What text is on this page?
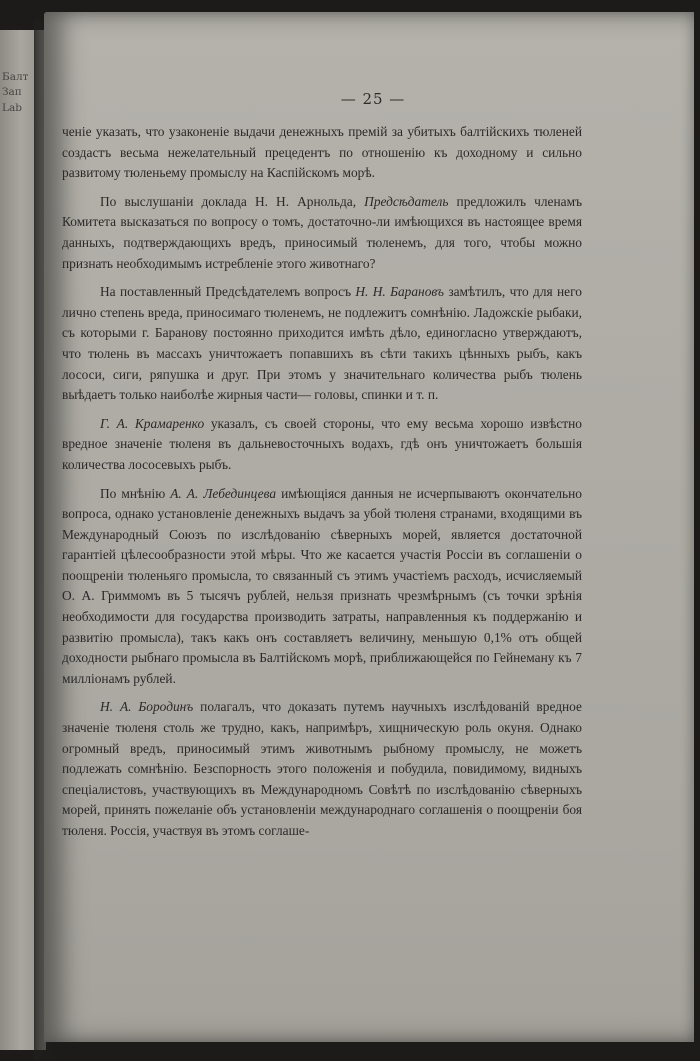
Балт
Зап
Lab	— 25 —

ченіе указать, что узаконеніе выдачи денежныхъ премій за убитыхъ балтійскихъ тюленей создастъ весьма нежелательный прецедентъ по отношенію къ доходному и сильно развитому тюленьему промыслу на Каспійскомъ морѣ.

По выслушаніи доклада Н. Н. Арнольда, Предсѣдатель предложилъ членамъ Комитета высказаться по вопросу о томъ, достаточно-ли имѣющихся въ настоящее время данныхъ, подтверждающихъ вредъ, приносимый тюленемъ, для того, чтобы можно признать необходимымъ истребленіе этого животнаго?

На поставленный Предсѣдателемъ вопросъ Н. Н. Барановъ замѣтилъ, что для него лично степень вреда, приносимаго тюленемъ, не подлежитъ сомнѣнію. Ладожскіе рыбаки, съ которыми г. Баранову постоянно приходится имѣть дѣло, единогласно утверждаютъ, что тюлень въ массахъ уничтожаетъ попавшихъ въ сѣти такихъ цѣнныхъ рыбъ, какъ лососи, сиги, ряпушка и друг. При этомъ у значительнаго количества рыбъ тюлень выѣдаетъ только наиболѣе жирныя части— головы, спинки и т. п.

Г. А. Крамаренко указалъ, съ своей стороны, что ему весьма хорошо извѣстно вредное значеніе тюленя въ дальневосточныхъ водахъ, гдѣ онъ уничтожаетъ большія количества лососевыхъ рыбъ.

По мнѣнію А. А. Лебединцева имѣющіяся данныя не исчерпываютъ окончательно вопроса, однако установленіе денежныхъ выдачъ за убой тюленя странами, входящими въ Международный Союзъ по изслѣдованію сѣверныхъ морей, является достаточной гарантіей цѣлесообразности этой мѣры. Что же касается участія Россіи въ соглашеніи о поощреніи тюленьяго промысла, то связанный съ этимъ участіемъ расходъ, исчисляемый О. А. Гриммомъ въ 5 тысячъ рублей, нельзя признать чрезмѣрнымъ (съ точки зрѣнія необходимости для государства производить затраты, направленныя къ поддержанію и развитію промысла), такъ какъ онъ составляетъ величину, меньшую 0,1% отъ общей доходности рыбнаго промысла въ Балтійскомъ морѣ, приближающейся по Гейнеману къ 7 милліонамъ рублей.

Н. А. Бородинъ полагалъ, что доказать путемъ научныхъ изслѣдованій вредное значеніе тюленя столь же трудно, какъ, напримѣръ, хищническую роль окуня. Однако огромный вредъ, приносимый этимъ животнымъ рыбному промыслу, не можетъ подлежать сомнѣнію. Безспорность этого положенія и побудила, повидимому, видныхъ спеціалистовъ, участвующихъ въ Международномъ Совѣтѣ по изслѣдованію сѣверныхъ морей, принять пожеланіе объ установленіи международнаго соглашенія о поощреніи боя тюленя. Россія, участвуя въ этомъ соглаше-
